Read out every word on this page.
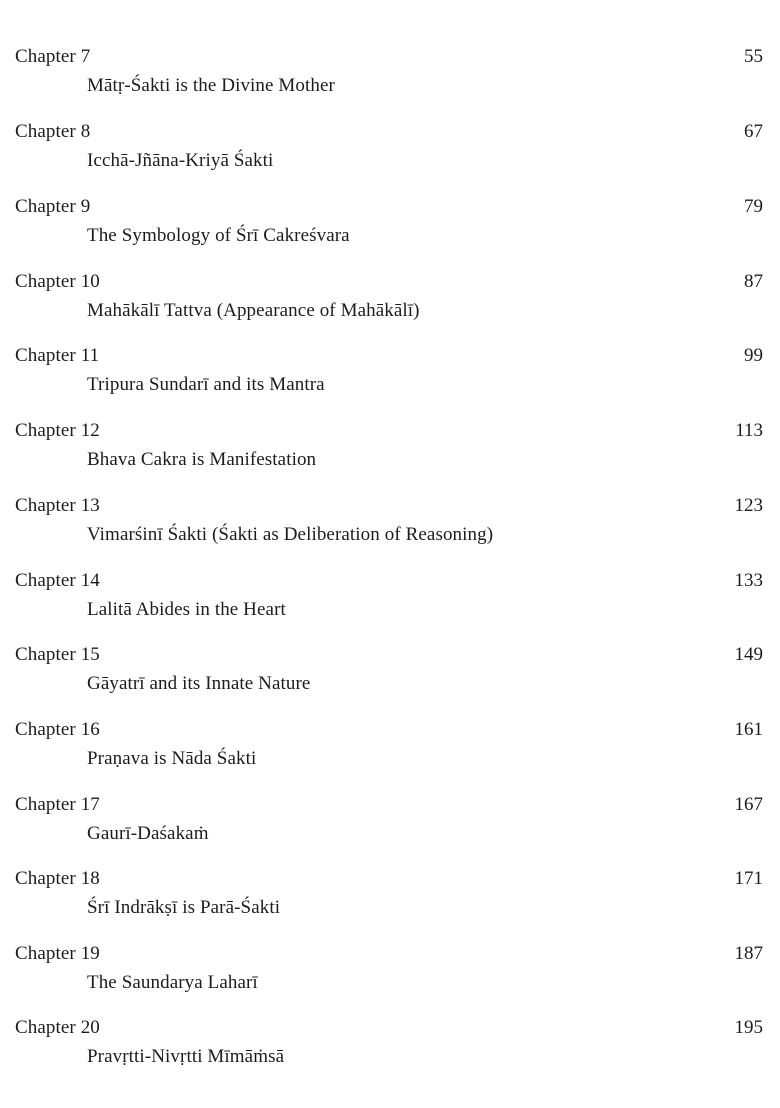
Chapter 7
Mātṛ-Śakti is the Divine Mother
55
Chapter 8
Icchā-Jñāna-Kriyā Śakti
67
Chapter 9
The Symbology of Śrī Cakreśvara
79
Chapter 10
Mahākālī Tattva (Appearance of Mahākālī)
87
Chapter 11
Tripura Sundarī and its Mantra
99
Chapter 12
Bhava Cakra is Manifestation
113
Chapter 13
Vimarśinī Śakti (Śakti as Deliberation of Reasoning)
123
Chapter 14
Lalitā Abides in the Heart
133
Chapter 15
Gāyatrī and its Innate Nature
149
Chapter 16
Praṇava is Nāda Śakti
161
Chapter 17
Gaurī-Daśakaṁ
167
Chapter 18
Śrī Indrākṣī is Parā-Śakti
171
Chapter 19
The Saundarya Laharī
187
Chapter 20
Pravṛtti-Nivṛtti Mīmāṁsā
195
